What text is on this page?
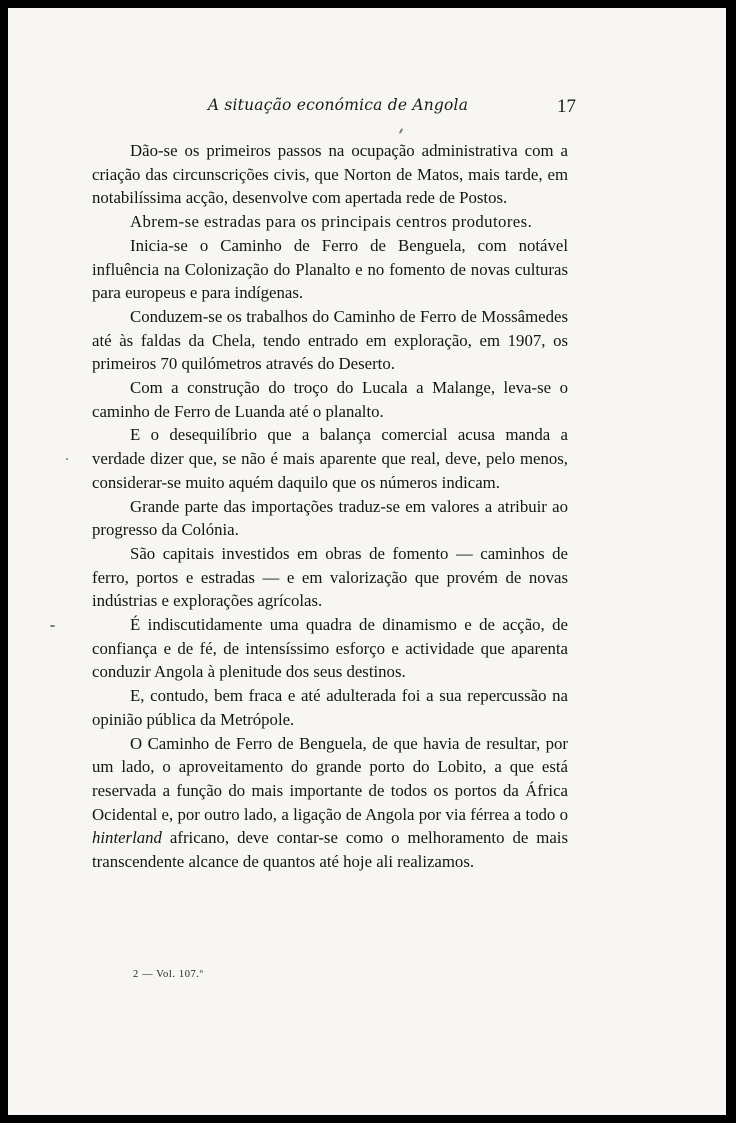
A situação económica de Angola	17

Dão-se os primeiros passos na ocupação administrativa com a criação das circunscrições civis, que Norton de Matos, mais tarde, em notabilíssima acção, desenvolve com apertada rede de Postos.

Abrem-se estradas para os principais centros produtores.

Inicia-se o Caminho de Ferro de Benguela, com notável influência na Colonização do Planalto e no fomento de novas culturas para europeus e para indígenas.

Conduzem-se os trabalhos do Caminho de Ferro de Mossâmedes até às faldas da Chela, tendo entrado em exploração, em 1907, os primeiros 70 quilómetros através do Deserto.

Com a construção do troço do Lucala a Malange, leva-se o caminho de Ferro de Luanda até o planalto.

E o desequilíbrio que a balança comercial acusa manda a verdade dizer que, se não é mais aparente que real, deve, pelo menos, considerar-se muito aquém daquilo que os números indicam.

Grande parte das importações traduz-se em valores a atribuir ao progresso da Colónia.

São capitais investidos em obras de fomento — caminhos de ferro, portos e estradas — e em valorização que provém de novas indústrias e explorações agrícolas.

É indiscutidamente uma quadra de dinamismo e de acção, de confiança e de fé, de intensíssimo esforço e actividade que aparenta conduzir Angola à plenitude dos seus destinos.

E, contudo, bem fraca e até adulterada foi a sua repercussão na opinião pública da Metrópole.

O Caminho de Ferro de Benguela, de que havia de resultar, por um lado, o aproveitamento do grande porto do Lobito, a que está reservada a função do mais importante de todos os portos da África Ocidental e, por outro lado, a ligação de Angola por via férrea a todo o hinterland africano, deve contar-se como o melhoramento de mais transcendente alcance de quantos até hoje ali realizamos.

2 — Vol. 107.º
